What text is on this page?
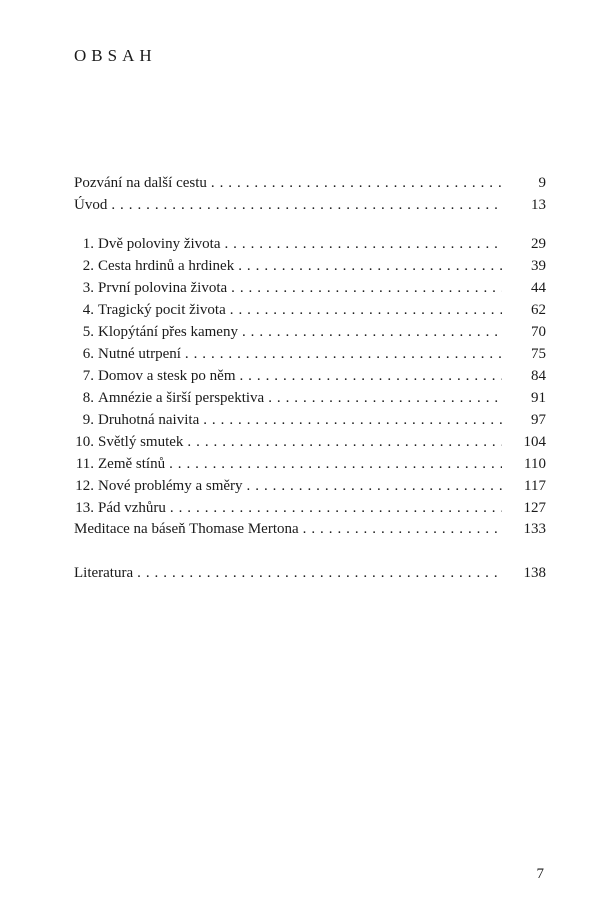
OBSAH
Pozvání na další cestu . . .	9
Úvod . . .	13
1. Dvě poloviny života . . .	29
2. Cesta hrdinů a hrdinek . . .	39
3. První polovina života . . .	44
4. Tragický pocit života . . .	62
5. Klopýtání přes kameny . . .	70
6. Nutné utrpení . . .	75
7. Domov a stesk po něm . . .	84
8. Amnézie a širší perspektiva . . .	91
9. Druhotná naivita . . .	97
10. Světlý smutek . . .	104
11. Země stínů . . .	110
12. Nové problémy a směry . . .	117
13. Pád vzhůru . . .	127
Meditace na báseň Thomase Mertona . . .	133
Literatura . . .	138

7
